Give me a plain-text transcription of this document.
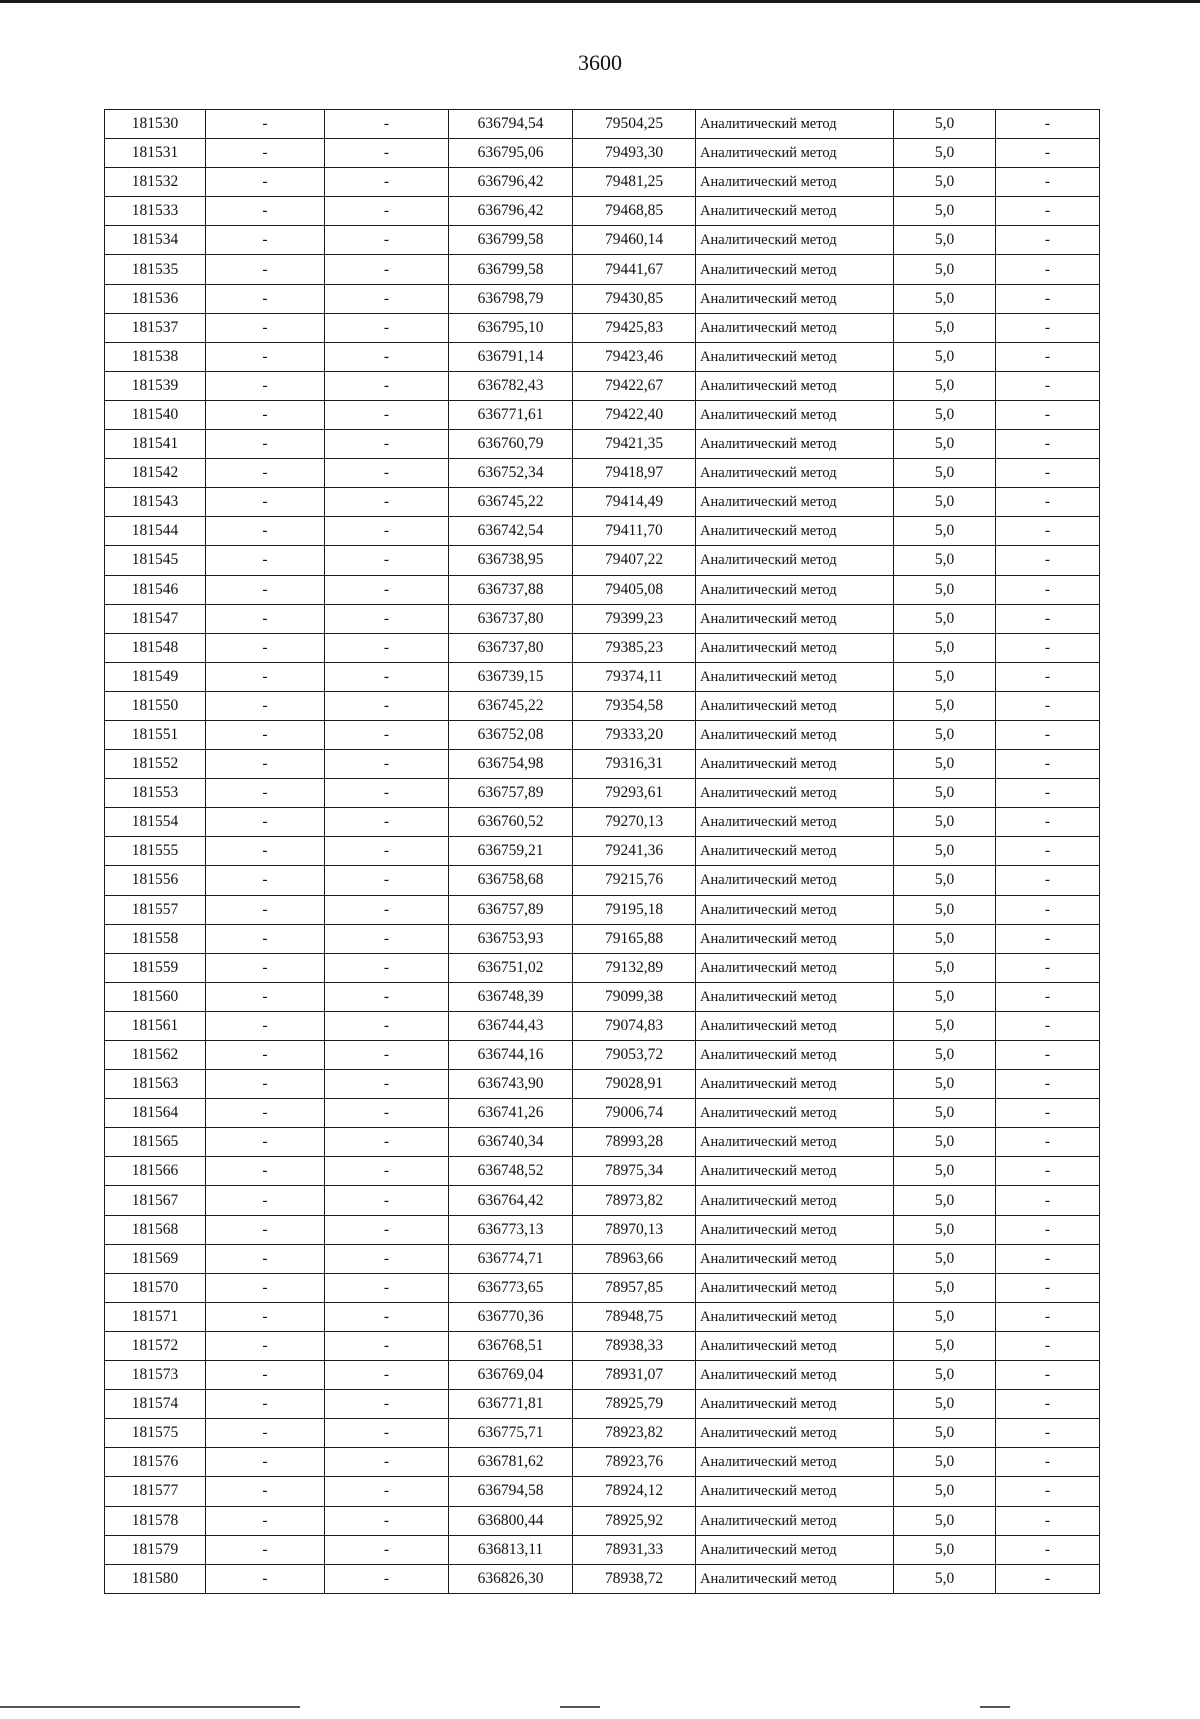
3600
181530	-	-	636794,54	79504,25	Аналитический метод	5,0	-
181531	-	-	636795,06	79493,30	Аналитический метод	5,0	-
181532	-	-	636796,42	79481,25	Аналитический метод	5,0	-
181533	-	-	636796,42	79468,85	Аналитический метод	5,0	-
181534	-	-	636799,58	79460,14	Аналитический метод	5,0	-
181535	-	-	636799,58	79441,67	Аналитический метод	5,0	-
181536	-	-	636798,79	79430,85	Аналитический метод	5,0	-
181537	-	-	636795,10	79425,83	Аналитический метод	5,0	-
181538	-	-	636791,14	79423,46	Аналитический метод	5,0	-
181539	-	-	636782,43	79422,67	Аналитический метод	5,0	-
181540	-	-	636771,61	79422,40	Аналитический метод	5,0	-
181541	-	-	636760,79	79421,35	Аналитический метод	5,0	-
181542	-	-	636752,34	79418,97	Аналитический метод	5,0	-
181543	-	-	636745,22	79414,49	Аналитический метод	5,0	-
181544	-	-	636742,54	79411,70	Аналитический метод	5,0	-
181545	-	-	636738,95	79407,22	Аналитический метод	5,0	-
181546	-	-	636737,88	79405,08	Аналитический метод	5,0	-
181547	-	-	636737,80	79399,23	Аналитический метод	5,0	-
181548	-	-	636737,80	79385,23	Аналитический метод	5,0	-
181549	-	-	636739,15	79374,11	Аналитический метод	5,0	-
181550	-	-	636745,22	79354,58	Аналитический метод	5,0	-
181551	-	-	636752,08	79333,20	Аналитический метод	5,0	-
181552	-	-	636754,98	79316,31	Аналитический метод	5,0	-
181553	-	-	636757,89	79293,61	Аналитический метод	5,0	-
181554	-	-	636760,52	79270,13	Аналитический метод	5,0	-
181555	-	-	636759,21	79241,36	Аналитический метод	5,0	-
181556	-	-	636758,68	79215,76	Аналитический метод	5,0	-
181557	-	-	636757,89	79195,18	Аналитический метод	5,0	-
181558	-	-	636753,93	79165,88	Аналитический метод	5,0	-
181559	-	-	636751,02	79132,89	Аналитический метод	5,0	-
181560	-	-	636748,39	79099,38	Аналитический метод	5,0	-
181561	-	-	636744,43	79074,83	Аналитический метод	5,0	-
181562	-	-	636744,16	79053,72	Аналитический метод	5,0	-
181563	-	-	636743,90	79028,91	Аналитический метод	5,0	-
181564	-	-	636741,26	79006,74	Аналитический метод	5,0	-
181565	-	-	636740,34	78993,28	Аналитический метод	5,0	-
181566	-	-	636748,52	78975,34	Аналитический метод	5,0	-
181567	-	-	636764,42	78973,82	Аналитический метод	5,0	-
181568	-	-	636773,13	78970,13	Аналитический метод	5,0	-
181569	-	-	636774,71	78963,66	Аналитический метод	5,0	-
181570	-	-	636773,65	78957,85	Аналитический метод	5,0	-
181571	-	-	636770,36	78948,75	Аналитический метод	5,0	-
181572	-	-	636768,51	78938,33	Аналитический метод	5,0	-
181573	-	-	636769,04	78931,07	Аналитический метод	5,0	-
181574	-	-	636771,81	78925,79	Аналитический метод	5,0	-
181575	-	-	636775,71	78923,82	Аналитический метод	5,0	-
181576	-	-	636781,62	78923,76	Аналитический метод	5,0	-
181577	-	-	636794,58	78924,12	Аналитический метод	5,0	-
181578	-	-	636800,44	78925,92	Аналитический метод	5,0	-
181579	-	-	636813,11	78931,33	Аналитический метод	5,0	-
181580	-	-	636826,30	78938,72	Аналитический метод	5,0	-
